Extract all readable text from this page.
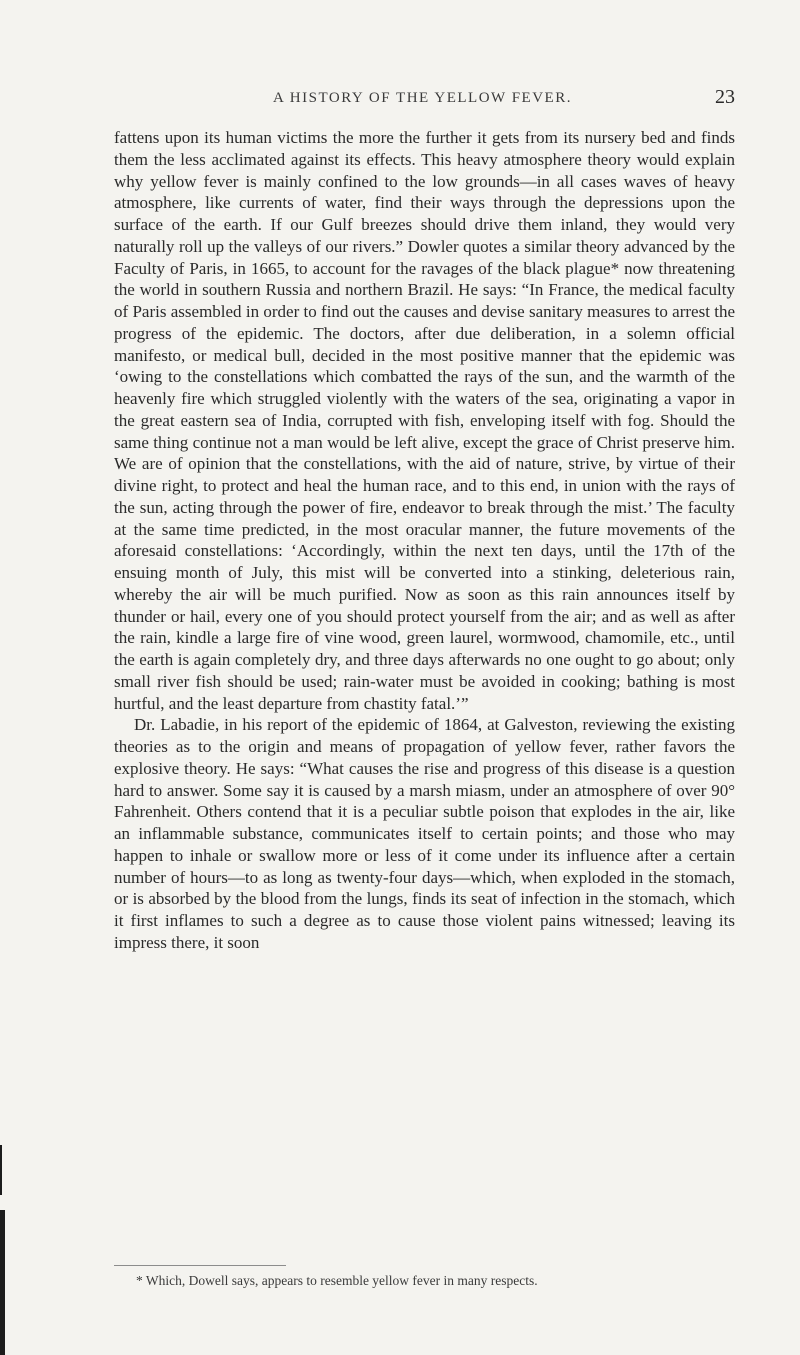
A HISTORY OF THE YELLOW FEVER.	23

fattens upon its human victims the more the further it gets from its nursery bed and finds them the less acclimated against its effects. This heavy atmosphere theory would explain why yellow fever is mainly confined to the low grounds—in all cases waves of heavy atmosphere, like currents of water, find their ways through the depressions upon the surface of the earth. If our Gulf breezes should drive them inland, they would very naturally roll up the valleys of our rivers.” Dowler quotes a similar theory advanced by the Faculty of Paris, in 1665, to account for the ravages of the black plague* now threatening the world in southern Russia and northern Brazil. He says: “In France, the medical faculty of Paris assembled in order to find out the causes and devise sanitary measures to arrest the progress of the epidemic. The doctors, after due deliberation, in a solemn official manifesto, or medical bull, decided in the most positive manner that the epidemic was ‘owing to the constellations which combatted the rays of the sun, and the warmth of the heavenly fire which struggled violently with the waters of the sea, originating a vapor in the great eastern sea of India, corrupted with fish, enveloping itself with fog. Should the same thing continue not a man would be left alive, except the grace of Christ preserve him. We are of opinion that the constellations, with the aid of nature, strive, by virtue of their divine right, to protect and heal the human race, and to this end, in union with the rays of the sun, acting through the power of fire, endeavor to break through the mist.’ The faculty at the same time predicted, in the most oracular manner, the future movements of the aforesaid constellations: ‘Accordingly, within the next ten days, until the 17th of the ensuing month of July, this mist will be converted into a stinking, deleterious rain, whereby the air will be much purified. Now as soon as this rain announces itself by thunder or hail, every one of you should protect yourself from the air; and as well as after the rain, kindle a large fire of vine wood, green laurel, wormwood, chamomile, etc., until the earth is again completely dry, and three days afterwards no one ought to go about; only small river fish should be used; rain-water must be avoided in cooking; bathing is most hurtful, and the least departure from chastity fatal.’”

Dr. Labadie, in his report of the epidemic of 1864, at Galveston, reviewing the existing theories as to the origin and means of propagation of yellow fever, rather favors the explosive theory. He says: “What causes the rise and progress of this disease is a question hard to answer. Some say it is caused by a marsh miasm, under an atmosphere of over 90° Fahrenheit. Others contend that it is a peculiar subtle poison that explodes in the air, like an inflammable substance, communicates itself to certain points; and those who may happen to inhale or swallow more or less of it come under its influence after a certain number of hours—to as long as twenty-four days—which, when exploded in the stomach, or is absorbed by the blood from the lungs, finds its seat of infection in the stomach, which it first inflames to such a degree as to cause those violent pains witnessed; leaving its impress there, it soon

* Which, Dowell says, appears to resemble yellow fever in many respects.
